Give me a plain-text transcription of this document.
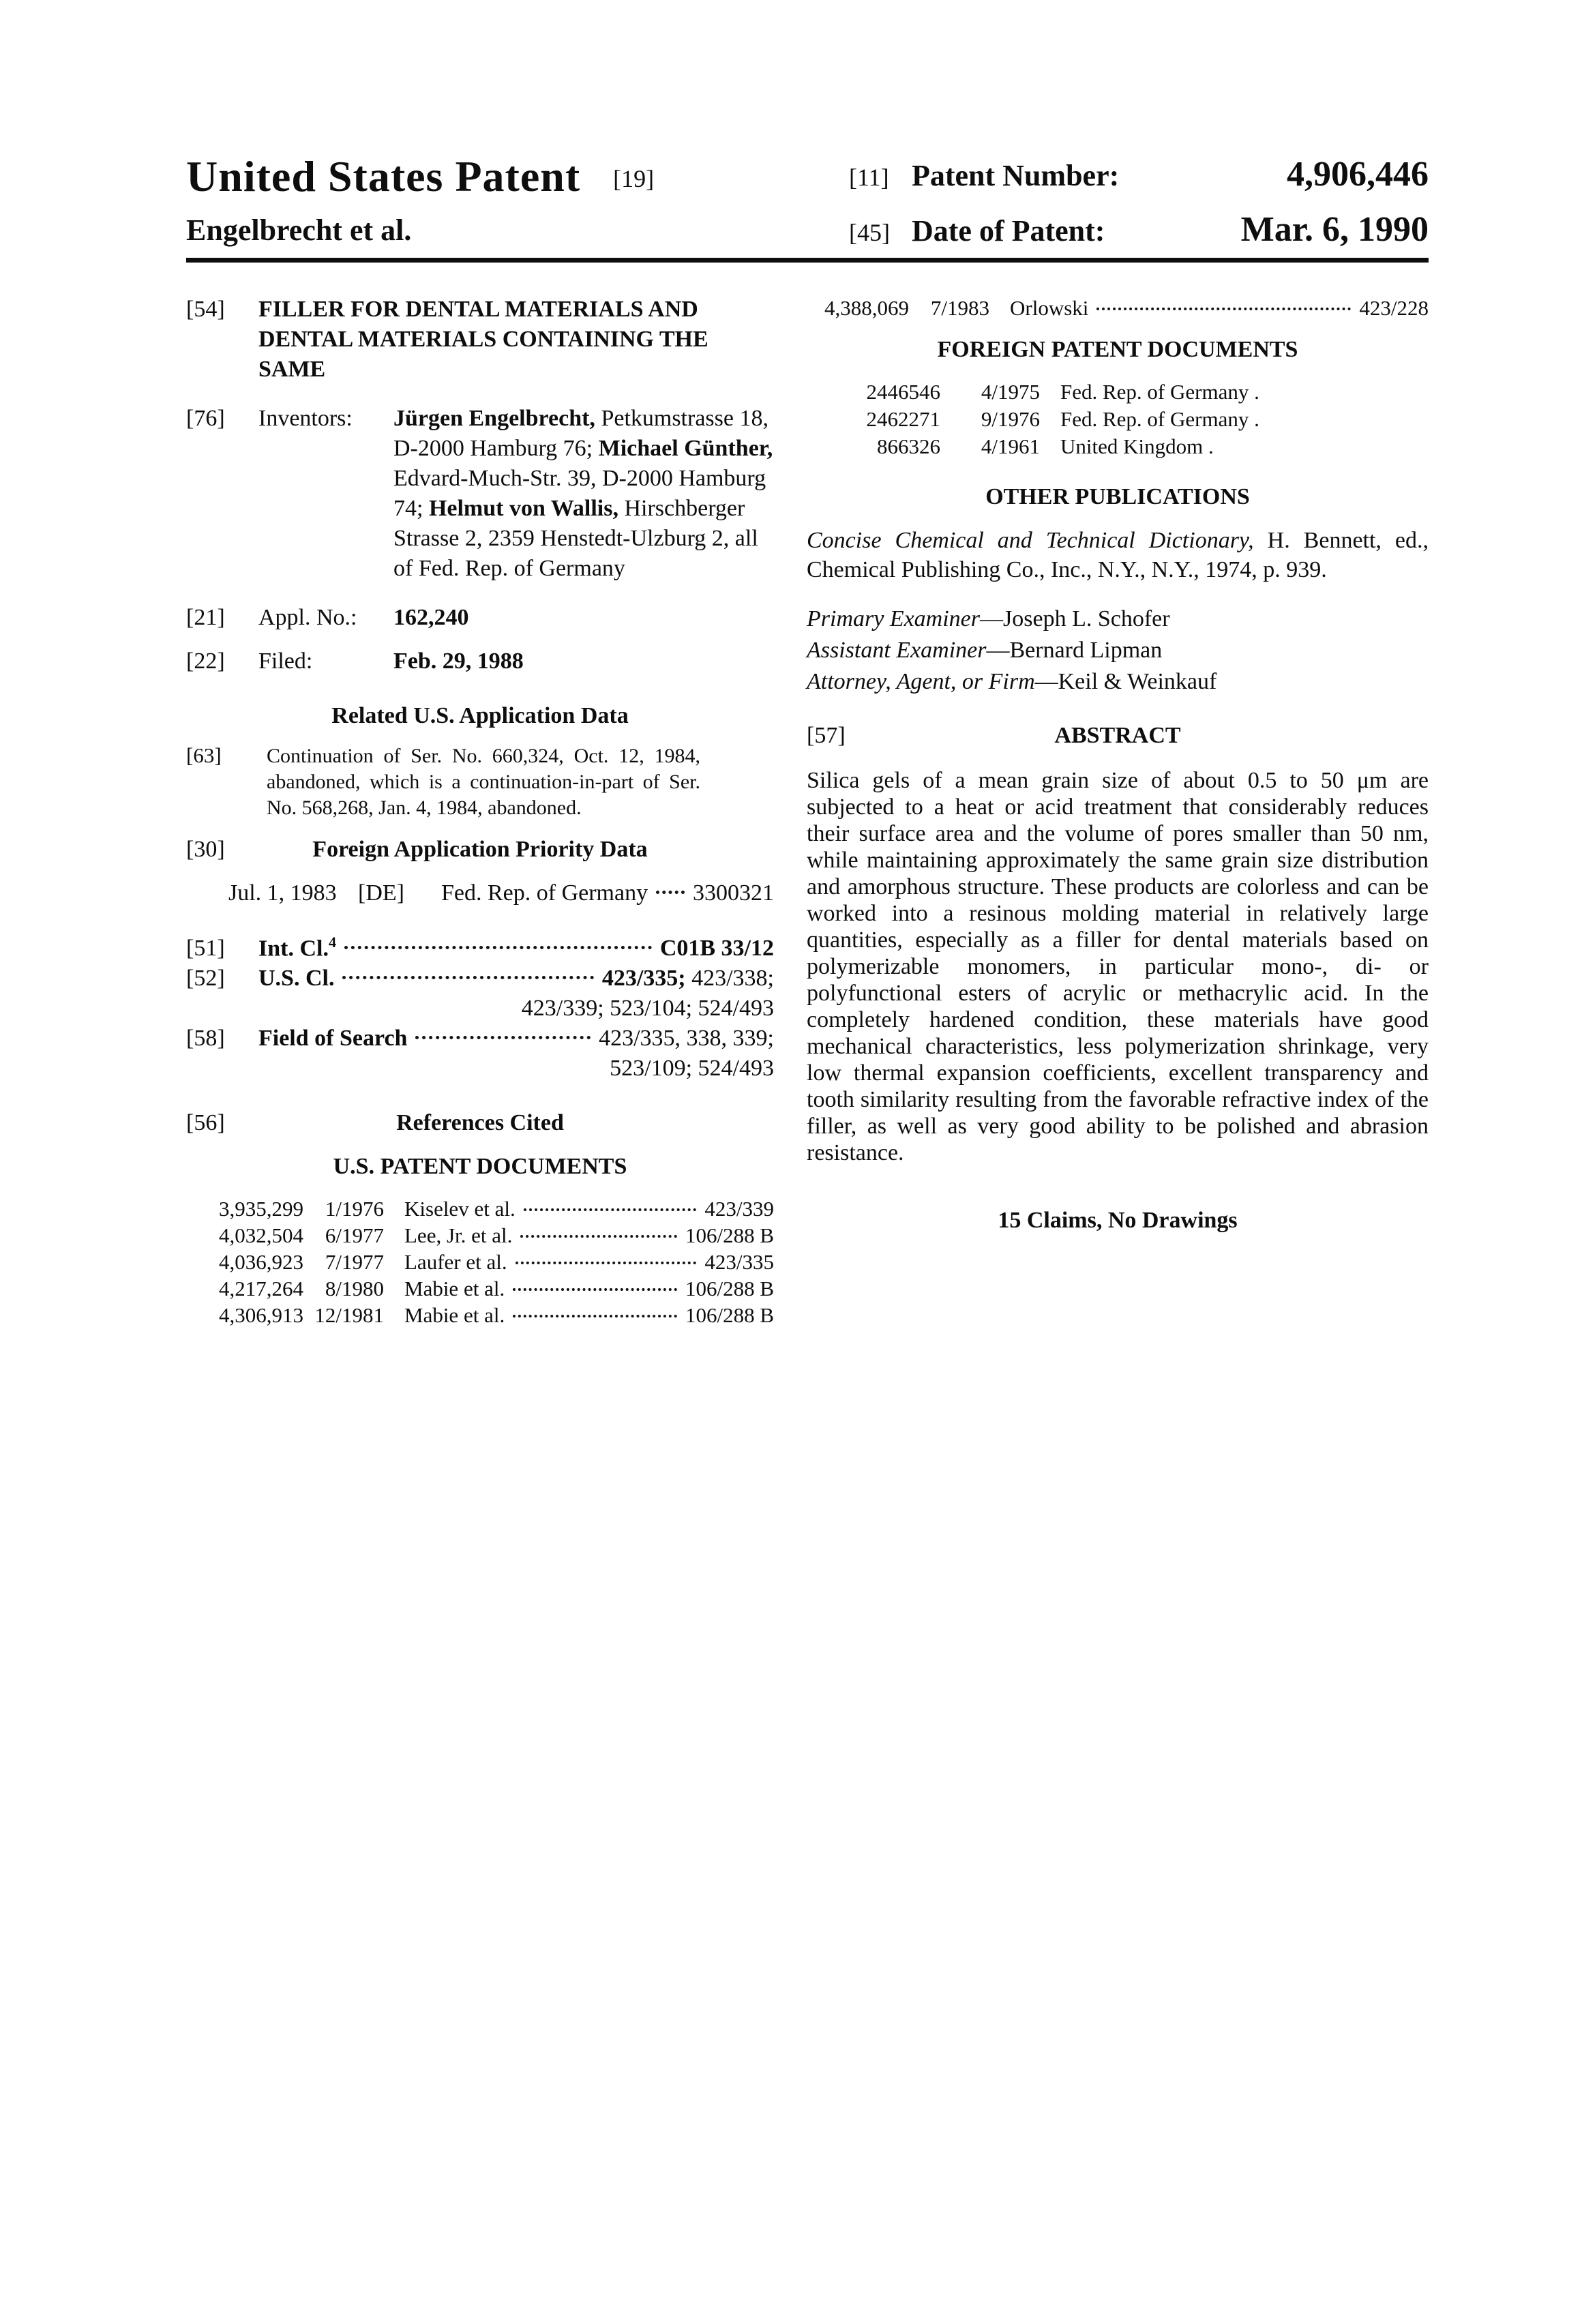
United States Patent [19]
Engelbrecht et al.
[11] Patent Number:	4,906,446
[45] Date of Patent:	Mar. 6, 1990
[54]	FILLER FOR DENTAL MATERIALS AND DENTAL MATERIALS CONTAINING THE SAME
[76]	Inventors:	Jürgen Engelbrecht, Petkumstrasse 18, D-2000 Hamburg 76; Michael Günther, Edvard-Much-Str. 39, D-2000 Hamburg 74; Helmut von Wallis, Hirschberger Strasse 2, 2359 Henstedt-Ulzburg 2, all of Fed. Rep. of Germany
[21]	Appl. No.:	162,240
[22]	Filed:	Feb. 29, 1988
Related U.S. Application Data
[63]	Continuation of Ser. No. 660,324, Oct. 12, 1984, abandoned, which is a continuation-in-part of Ser. No. 568,268, Jan. 4, 1984, abandoned.
[30]	Foreign Application Priority Data
Jul. 1, 1983 [DE]	Fed. Rep. of Germany 3300321
[51]	Int. Cl.$^4$	C01B 33/12
[52]	U.S. Cl.	423/335; 423/338;
423/339; 523/104; 524/493
[58]	Field of Search	423/335, 338, 339;
523/109; 524/493
[56]	References Cited
U.S. PATENT DOCUMENTS
3,935,299	1/1976 Kiselev et al.	423/339
4,032,504	6/1977 Lee, Jr. et al.	106/288 B
4,036,923	7/1977 Laufer et al.	423/335
4,217,264	8/1980 Mabie et al.	106/288 B
4,306,913 12/1981 Mabie et al.	106/288 B
4,388,069	7/1983 Orlowski	423/228
FOREIGN PATENT DOCUMENTS
2446546	4/1975 Fed. Rep. of Germany .
2462271	9/1976 Fed. Rep. of Germany .
866326	4/1961 United Kingdom .
OTHER PUBLICATIONS
Concise Chemical and Technical Dictionary, H. Bennett, ed., Chemical Publishing Co., Inc., N.Y., N.Y., 1974, p. 939.
Primary Examiner—Joseph L. Schofer
Assistant Examiner—Bernard Lipman
Attorney, Agent, or Firm—Keil & Weinkauf
[57]	ABSTRACT
Silica gels of a mean grain size of about 0.5 to 50 μm are subjected to a heat or acid treatment that considerably reduces their surface area and the volume of pores smaller than 50 nm, while maintaining approximately the same grain size distribution and amorphous structure. These products are colorless and can be worked into a resinous molding material in relatively large quantities, especially as a filler for dental materials based on polymerizable monomers, in particular mono-, di- or polyfunctional esters of acrylic or methacrylic acid. In the completely hardened condition, these materials have good mechanical characteristics, less polymerization shrinkage, very low thermal expansion coefficients, excellent transparency and tooth similarity resulting from the favorable refractive index of the filler, as well as very good ability to be polished and abrasion resistance.
15 Claims, No Drawings
